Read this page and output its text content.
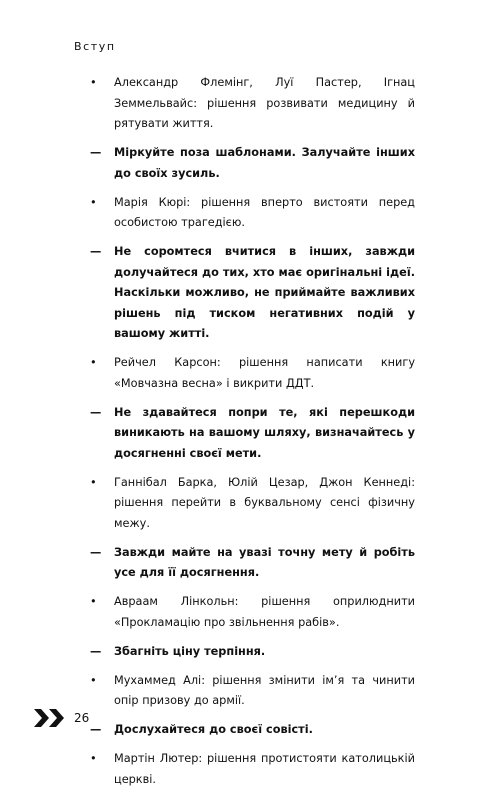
Вступ
•	Александр Флемінг, Луї Пастер, Ігнац Земмельвайс: рішення розвивати медицину й рятувати життя.
—	Міркуйте поза шаблонами. Залучайте інших до своїх зусиль.
•	Марія Кюрі: рішення вперто вистояти перед особистою трагедією.
—	Не соромтеся вчитися в інших, завжди долучайтеся до тих, хто має оригінальні ідеї. Наскільки можливо, не приймайте важливих рішень під тиском негативних подій у вашому житті.
•	Рейчел Карсон: рішення написати книгу «Мовчазна весна» і викрити ДДТ.
—	Не здавайтеся попри те, які перешкоди виникають на вашому шляху, визначайтесь у досягненні своєї мети.
•	Ганнібал Барка, Юлій Цезар, Джон Кеннеді: рішення перейти в буквальному сенсі фізичну межу.
—	Завжди майте на увазі точну мету й робіть усе для її досягнення.
•	Авраам Лінкольн: рішення оприлюднити «Прокламацію про звільнення рабів».
—	Збагніть ціну терпіння.
•	Мухаммед Алі: рішення змінити ім’я та чинити опір призову до армії.
—	Дослухайтеся до своєї совісті.
•	Мартін Лютер: рішення протистояти католицькій церкві.
26
